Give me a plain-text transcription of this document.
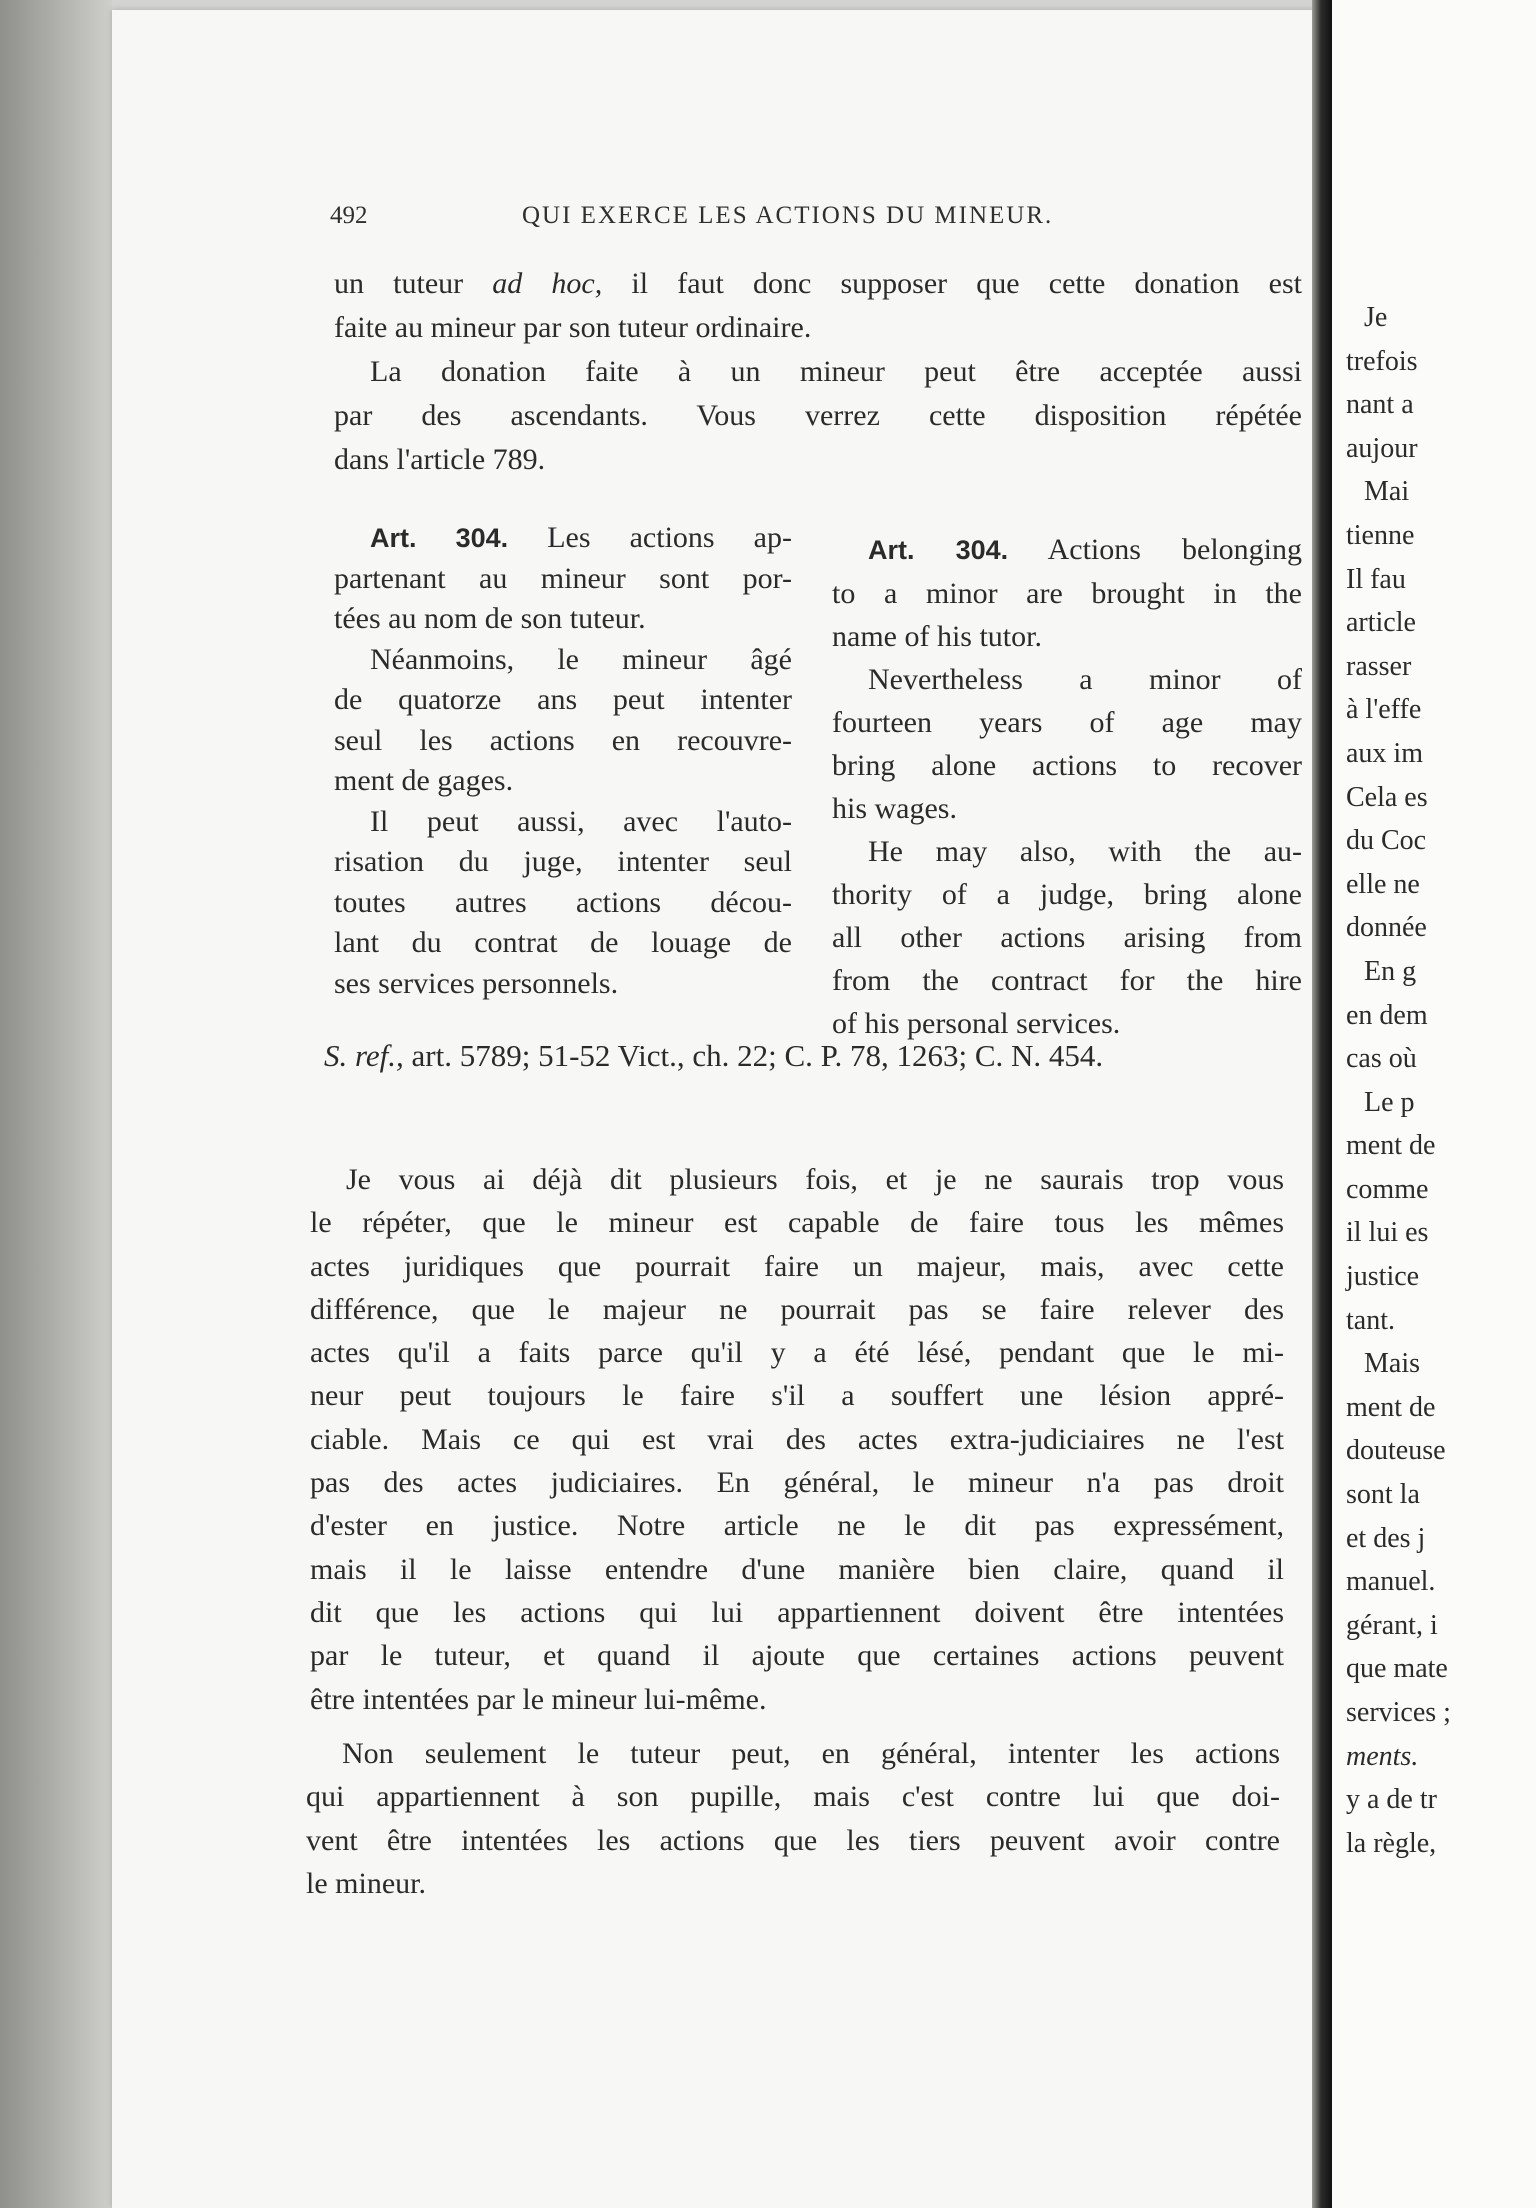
Je
trefois
nant a
aujour
Mai
tienne
Il fau
article
rasser
à l'effe
aux im
Cela es
du Coc
elle ne
donnée
En g
en dem
cas où
Le p
ment de
comme
il lui es
justice
tant.
Mais
ment de
douteuse
sont la
et des j
manuel.
gérant, i
que mate
services ;
ments.
y a de tr
la règle,
492	QUI EXERCE LES ACTIONS DU MINEUR.
un tuteur ad hoc, il faut donc supposer que cette donation est
faite au mineur par son tuteur ordinaire.
La donation faite à un mineur peut être acceptée aussi
par des ascendants. Vous verrez cette disposition répétée
dans l'article 789.
Art. 304. Les actions ap-
partenant au mineur sont por-
tées au nom de son tuteur.
Néanmoins, le mineur âgé
de quatorze ans peut intenter
seul les actions en recouvre-
ment de gages.
Il peut aussi, avec l'auto-
risation du juge, intenter seul
toutes autres actions décou-
lant du contrat de louage de
ses services personnels.
Art. 304. Actions belonging
to a minor are brought in the
name of his tutor.
Nevertheless a minor of
fourteen years of age may
bring alone actions to recover
his wages.
He may also, with the au-
thority of a judge, bring alone
all other actions arising from
from the contract for the hire
of his personal services.
S. ref., art. 5789; 51-52 Vict., ch. 22; C. P. 78, 1263; C. N. 454.
Je vous ai déjà dit plusieurs fois, et je ne saurais trop vous
le répéter, que le mineur est capable de faire tous les mêmes
actes juridiques que pourrait faire un majeur, mais, avec cette
différence, que le majeur ne pourrait pas se faire relever des
actes qu'il a faits parce qu'il y a été lésé, pendant que le mi-
neur peut toujours le faire s'il a souffert une lésion appré-
ciable. Mais ce qui est vrai des actes extra-judiciaires ne l'est
pas des actes judiciaires. En général, le mineur n'a pas droit
d'ester en justice. Notre article ne le dit pas expressément,
mais il le laisse entendre d'une manière bien claire, quand il
dit que les actions qui lui appartiennent doivent être intentées
par le tuteur, et quand il ajoute que certaines actions peuvent
être intentées par le mineur lui-même.
Non seulement le tuteur peut, en général, intenter les actions
qui appartiennent à son pupille, mais c'est contre lui que doi-
vent être intentées les actions que les tiers peuvent avoir contre
le mineur.
